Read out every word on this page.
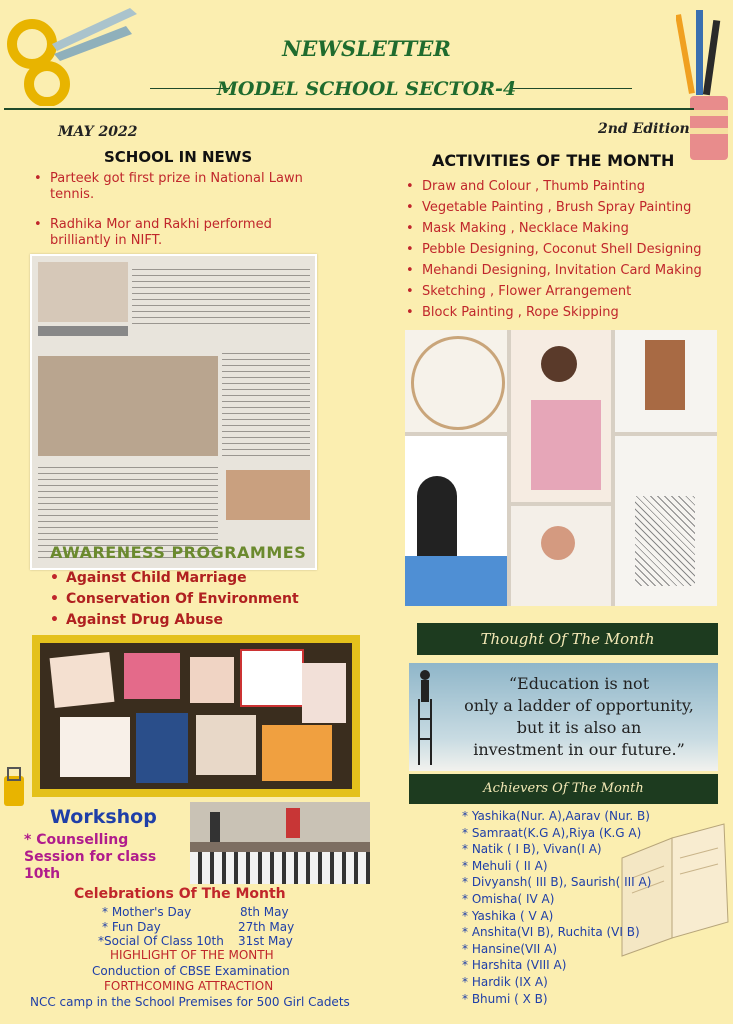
NEWSLETTER
MODEL SCHOOL SECTOR-4
MAY 2022	2nd Edition
SCHOOL IN NEWS
• Parteek got first prize in National Lawn tennis.
• Radhika Mor and Rakhi performed brilliantly in NIFT.
AWARENESS PROGRAMMES
• Against Child Marriage
• Conservation Of Environment
• Against Drug Abuse
Workshop
* Counselling
Session for class
10th
Celebrations Of The Month
* Mother's Day	8th May
* Fun Day	27th May
*Social Of Class 10th 31st May
HIGHLIGHT OF THE MONTH
Conduction of CBSE Examination
FORTHCOMING ATTRACTION
NCC camp in the School Premises for 500 Girl Cadets
ACTIVITIES OF THE MONTH
• Draw and Colour , Thumb Painting
• Vegetable Painting , Brush Spray Painting
• Mask Making , Necklace Making
• Pebble Designing, Coconut Shell Designing
• Mehandi Designing, Invitation Card Making
• Sketching , Flower Arrangement
• Block Painting , Rope Skipping
Thought Of The Month
“Education is not
only a ladder of opportunity,
but it is also an
investment in our future.”
Achievers Of The Month
* Yashika(Nur. A),Aarav (Nur. B)
* Samraat(K.G A),Riya (K.G A)
* Natik ( I B), Vivan(I A)
* Mehuli ( II A)
* Divyansh( III B), Saurish( III A)
* Omisha( IV A)
* Yashika ( V A)
* Anshita(VI B), Ruchita (VI B)
* Hansine(VII A)
* Harshita (VIII A)
* Hardik (IX A)
* Bhumi ( X B)
